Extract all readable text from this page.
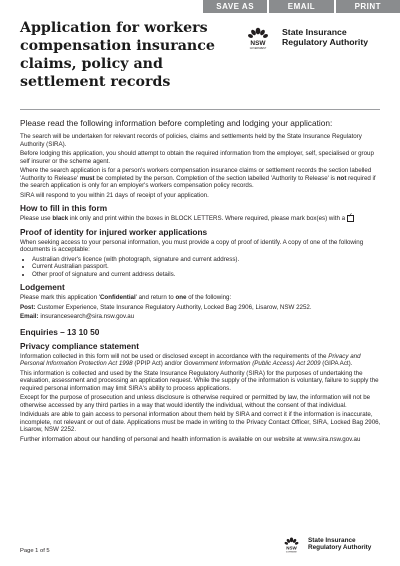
SAVE AS	EMAIL	PRINT
Application for workers compensation insurance claims, policy and settlement records
NSW
GOVERNMENT
State Insurance
Regulatory Authority

Please read the following information before completing and lodging your application:

The search will be undertaken for relevant records of policies, claims and settlements held by the State Insurance Regulatory Authority (SIRA).

Before lodging this application, you should attempt to obtain the required information from the employer, self, specialised or group self insurer or the scheme agent.

Where the search application is for a person's workers compensation insurance claims or settlement records the section labelled 'Authority to Release' must be completed by the person. Completion of the section labelled 'Authority to Release' is not required if the search application is only for an employer's workers compensation policy records.

SIRA will respond to you within 21 days of receipt of your application.

How to fill in this form

Please use black ink only and print within the boxes in BLOCK LETTERS. Where required, please mark box(es) with a ✓

Proof of identity for injured worker applications

When seeking access to your personal information, you must provide a copy of proof of identify. A copy of one of the following documents is acceptable:

• Australian driver's licence (with photograph, signature and current address).
• Current Australian passport.
• Other proof of signature and current address details.
Lodgement

Please mark this application 'Confidential' and return to one of the following:

Post: Customer Experience, State Insurance Regulatory Authority, Locked Bag 2906, Lisarow, NSW 2252.

Email: insurancesearch@sira.nsw.gov.au

Enquiries – 13 10 50
Privacy compliance statement

Information collected in this form will not be used or disclosed except in accordance with the requirements of the Privacy and Personal Information Protection Act 1998 (PPIP Act) and/or Government Information (Public Access) Act 2009 (GIPA Act).

This information is collected and used by the State Insurance Regulatory Authority (SIRA) for the purposes of undertaking the evaluation, assessment and processing an application request. While the supply of the information is voluntary, failure to supply the required personal information may limit SIRA's ability to process applications.

Except for the purpose of prosecution and unless disclosure is otherwise required or permitted by law, the information will not be otherwise accessed by any third parties in a way that would identify the individual, without the consent of that individual.

Individuals are able to gain access to personal information about them held by SIRA and correct it if the information is inaccurate, incomplete, not relevant or out of date. Applications must be made in writing to the Privacy Contact Officer, SIRA, Locked Bag 2906, Lisarow, NSW 2252.

Further information about our handling of personal and health information is available on our website at www.sira.nsw.gov.au

Page 1 of 5	NSW
GOVERNMENT
State Insurance
Regulatory Authority
